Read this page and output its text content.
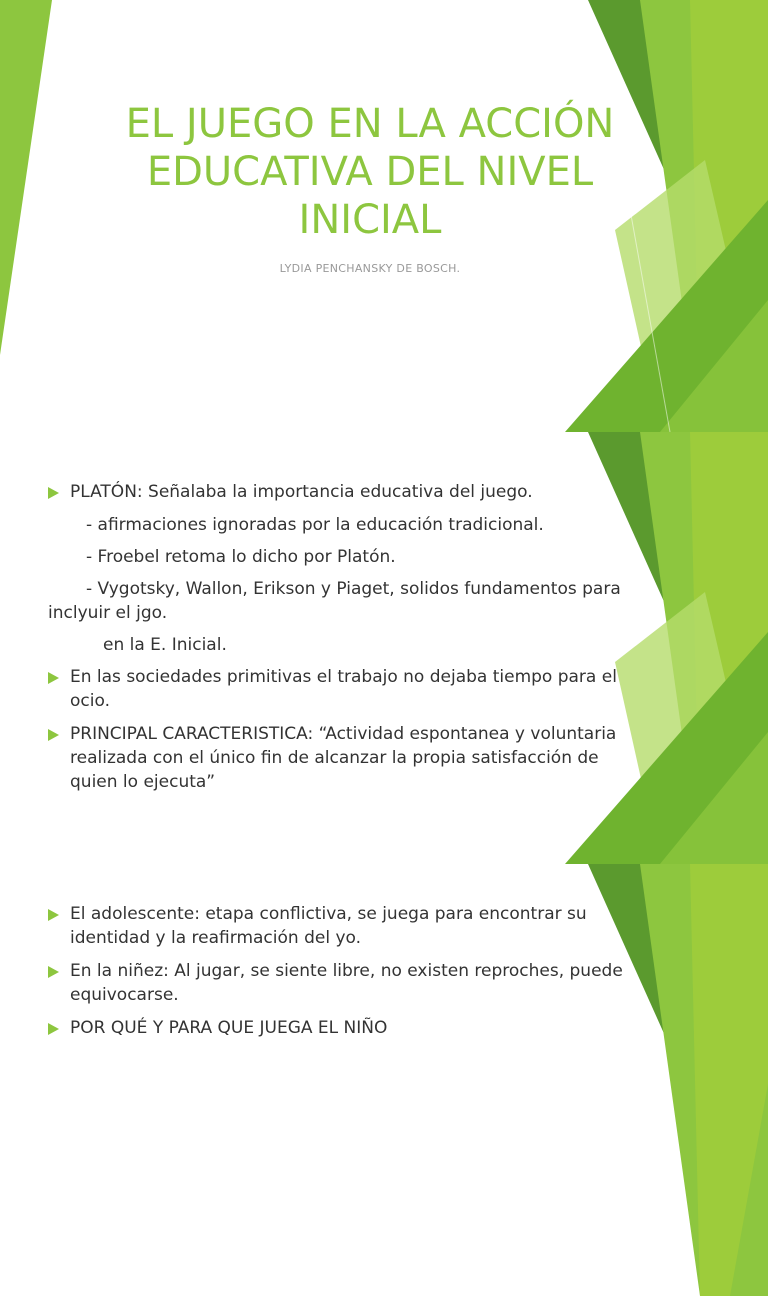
EL JUEGO EN LA ACCIÓN
EDUCATIVA DEL NIVEL
INICIAL
LYDIA PENCHANSKY DE BOSCH.

PLATÓN: Señalaba la importancia educativa del juego.

- afirmaciones ignoradas por la educación tradicional.

- Froebel retoma lo dicho por Platón.

- Vygotsky, Wallon, Erikson y Piaget, solidos fundamentos para inclyuir el jgo.

en la E. Inicial.

En las sociedades primitivas el trabajo no dejaba tiempo para el ocio.

PRINCIPAL CARACTERISTICA: “Actividad espontanea y voluntaria realizada con el único fin de alcanzar la propia satisfacción de quien lo ejecuta”

El adolescente: etapa conflictiva, se juega para encontrar su identidad y la reafirmación del yo.

En la niñez: Al jugar, se siente libre, no existen reproches, puede equivocarse.

POR QUÉ Y PARA QUE JUEGA EL NIÑO
